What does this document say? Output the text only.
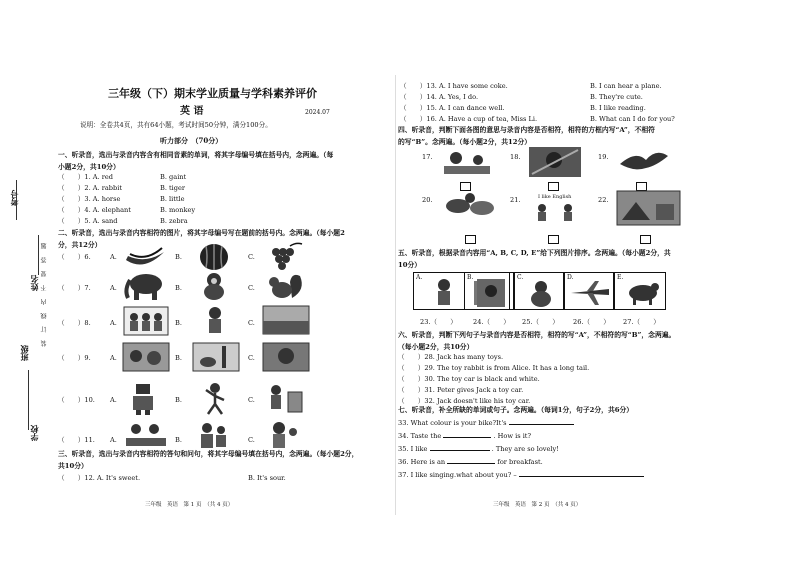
考号
姓名
班级
学校
装 订 线 内 不 要 答 题
三年级（下）期末学业质量与学科素养评价
英 语	2024.07
说明：全卷共4页，共有64小题，考试时间50分钟，满分100分。
听力部分　（70分）
一、听录音，选出与录音内容含有相同音素的单词，将其字母编号填在括号内，念两遍。（每
小题2分，共10分）
（　　）1. A. red	B. gaint
（　　）2. A. rabbit	B. tiger
（　　）3. A. horse	B. little
（　　）4. A. elephant	B. monkey
（　　）5. A. sand	B. zebra
二、听录音，选出与录音内容相符的图片，将其字母编号写在题前的括号内。念两遍。（每小题2
分，共12分）
（　　）6.	A.	B.	C.
（　　）7.	A.	B.	C.
（　　）8.	A.	B.	C.
（　　）9.	A.	B.	C.
（　　）10. A.	B.	C.
（　　）11. A.	B.	C.
三、听录音，选出与录音内容相符的答句和问句，将其字母编号填在括号内，念两遍。（每小题2分，
共10分）
（　　）12. A. It's sweet.	B. It's sour.
三年级　英语　第 1 页　（共 4 页）
（　　）13. A. I have some coke.	B. I can hear a plane.
（　　）14. A. Yes, I do.	B. They're cute.
（　　）15. A. I can dance well.	B. I like reading.
（　　）16. A. Have a cup of tea, Miss Li.	B. What can I do for you?
四、听录音，判断下面各图的意思与录音内容是否相符，相符的方框内写“A”，不相符
的写“B”。念两遍。（每小题2分，共12分）
17.	18.	19.
20.	21.	I like English	22.
五、听录音，根据录音内容用“A, B, C, D, E”给下列图片排序。念两遍。（每小题2分，共
10分）
A.	B.	C.	D.	E.
23.（　　） 24.（　　） 25.（　　） 26.（　　） 27.（　　）
六、听录音，判断下列句子与录音内容是否相符，相符的写“A”，不相符的写“B”，念两遍。
（每小题2分，共10分）
（　　）28. Jack has many toys.
（　　）29. The toy rabbit is from Alice. It has a long tail.
（　　）30. The toy car is black and white.
（　　）31. Peter gives Jack a toy car.
（　　）32. Jack doesn't like his toy car.
七、听录音，补全所缺的单词或句子。念两遍。（每词1分，句子2分，共6分）
33. What colour is your bike?It's
34. Taste the	. How is it?
35. I like	. They are so lovely!
36. Here is an	for breakfast.
37. I like singing.what about you? –
三年级　英语　第 2 页　（共 4 页）
